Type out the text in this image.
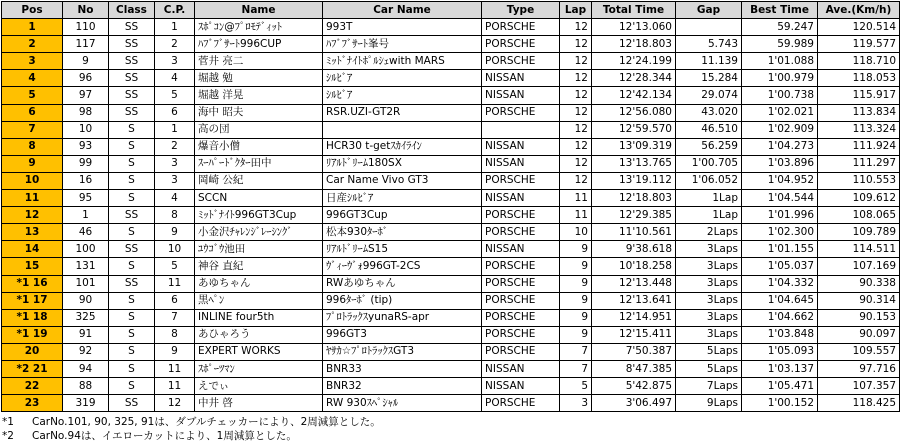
Pos	No	Class	C.P.	Name	Car Name	Type	Lap	Total Time	Gap	Best Time	Ave.(Km/h)
1	110	SS	1	ｽﾎﾟｺﾝ@ﾌﾟﾛﾓﾃﾞｨｯﾄ	993T	PORSCHE	12	12'13.060		59.247	120.514
2	117	SS	2	ﾊﾌﾞﾌﾞｻｰﾄ996CUP	ﾊﾌﾞﾌﾞｻｰﾄ峯号	PORSCHE	12	12'18.803	5.743	59.989	119.577
3	9	SS	3	菅井 亮二	ﾐｯﾄﾞﾅｲﾄﾎﾟﾙｼｪwith MARS	PORSCHE	12	12'24.199	11.139	1'01.088	118.710
4	96	SS	4	堀越 勉	ｼﾙﾋﾞｱ	NISSAN	12	12'28.344	15.284	1'00.979	118.053
5	97	SS	5	堀越 洋晃	ｼﾙﾋﾞｱ	NISSAN	12	12'42.134	29.074	1'00.738	115.917
6	98	SS	6	海中 昭夫	RSR.UZI-GT2R	PORSCHE	12	12'56.080	43.020	1'02.021	113.834
7	10	S	1	高の団			12	12'59.570	46.510	1'02.909	113.324
8	93	S	2	爆音小僧	HCR30 t-getｽｶｲﾗｲﾝ	NISSAN	12	13'09.319	56.259	1'04.273	111.924
9	99	S	3	ｽｰﾊﾟｰﾄﾞｸﾀｰ田中	ﾘｱﾙﾄﾞﾘｰﾑ180SX	NISSAN	12	13'13.765	1'00.705	1'03.896	111.297
10	16	S	3	岡崎 公紀	Car Name Vivo GT3	PORSCHE	12	13'19.112	1'06.052	1'04.952	110.553
11	95	S	4	SCCN	日産ｼﾙﾋﾞｱ	NISSAN	11	12'18.803	1Lap	1'04.544	109.612
12	1	SS	8	ﾐｯﾄﾞﾅｲﾄ996GT3Cup	996GT3Cup	PORSCHE	11	12'29.385	1Lap	1'01.996	108.065
13	46	S	9	小金沢ﾁｬﾚﾝｼﾞﾚｰｼﾝｸﾞ	松本930ﾀｰﾎﾞ	PORSCHE	10	11'10.561	2Laps	1'02.300	109.789
14	100	SS	10	ﾕｳｺﾞｳ池田	ﾘｱﾙﾄﾞﾘｰﾑS15	NISSAN	9	9'38.618	3Laps	1'01.155	114.511
15	131	S	5	神谷 直紀	ｳﾞｨｰｳﾞｫ996GT-2CS	PORSCHE	9	10'18.258	3Laps	1'05.037	107.169
*1 16	101	SS	11	あゆちゃん	RWあゆちゃん	PORSCHE	9	12'13.448	3Laps	1'04.332	90.338
*1 17	90	S	6	黒ﾍﾟﾝ	996ﾀｰﾎﾞ (tip)	PORSCHE	9	12'13.641	3Laps	1'04.645	90.314
*1 18	325	S	7	INLINE four5th	ﾌﾟﾛﾄﾗｯｸｽyunaRS-apr	PORSCHE	9	12'14.951	3Laps	1'04.662	90.153
*1 19	91	S	8	あひゃろう	996GT3	PORSCHE	9	12'15.411	3Laps	1'03.848	90.097
20	92	S	9	EXPERT WORKS	ﾔｻｶ☆ﾌﾟﾛﾄﾗｯｸｽGT3	PORSCHE	7	7'50.387	5Laps	1'05.093	109.557
*2 21	94	S	11	ｽﾎﾟｰﾂﾏﾝ	BNR33	NISSAN	7	8'47.385	5Laps	1'03.137	97.716
22	88	S	11	えでぃ	BNR32	NISSAN	5	5'42.875	7Laps	1'05.471	107.357
23	319	SS	12	中井 啓	RW 930ｽﾍﾟｼｬﾙ	PORSCHE	3	3'06.497	9Laps	1'00.152	118.425
*1 CarNo.101, 90, 325, 91は、ダブルチェッカーにより、2周減算とした。
*2 CarNo.94は、イエローカットにより、1周減算とした。
